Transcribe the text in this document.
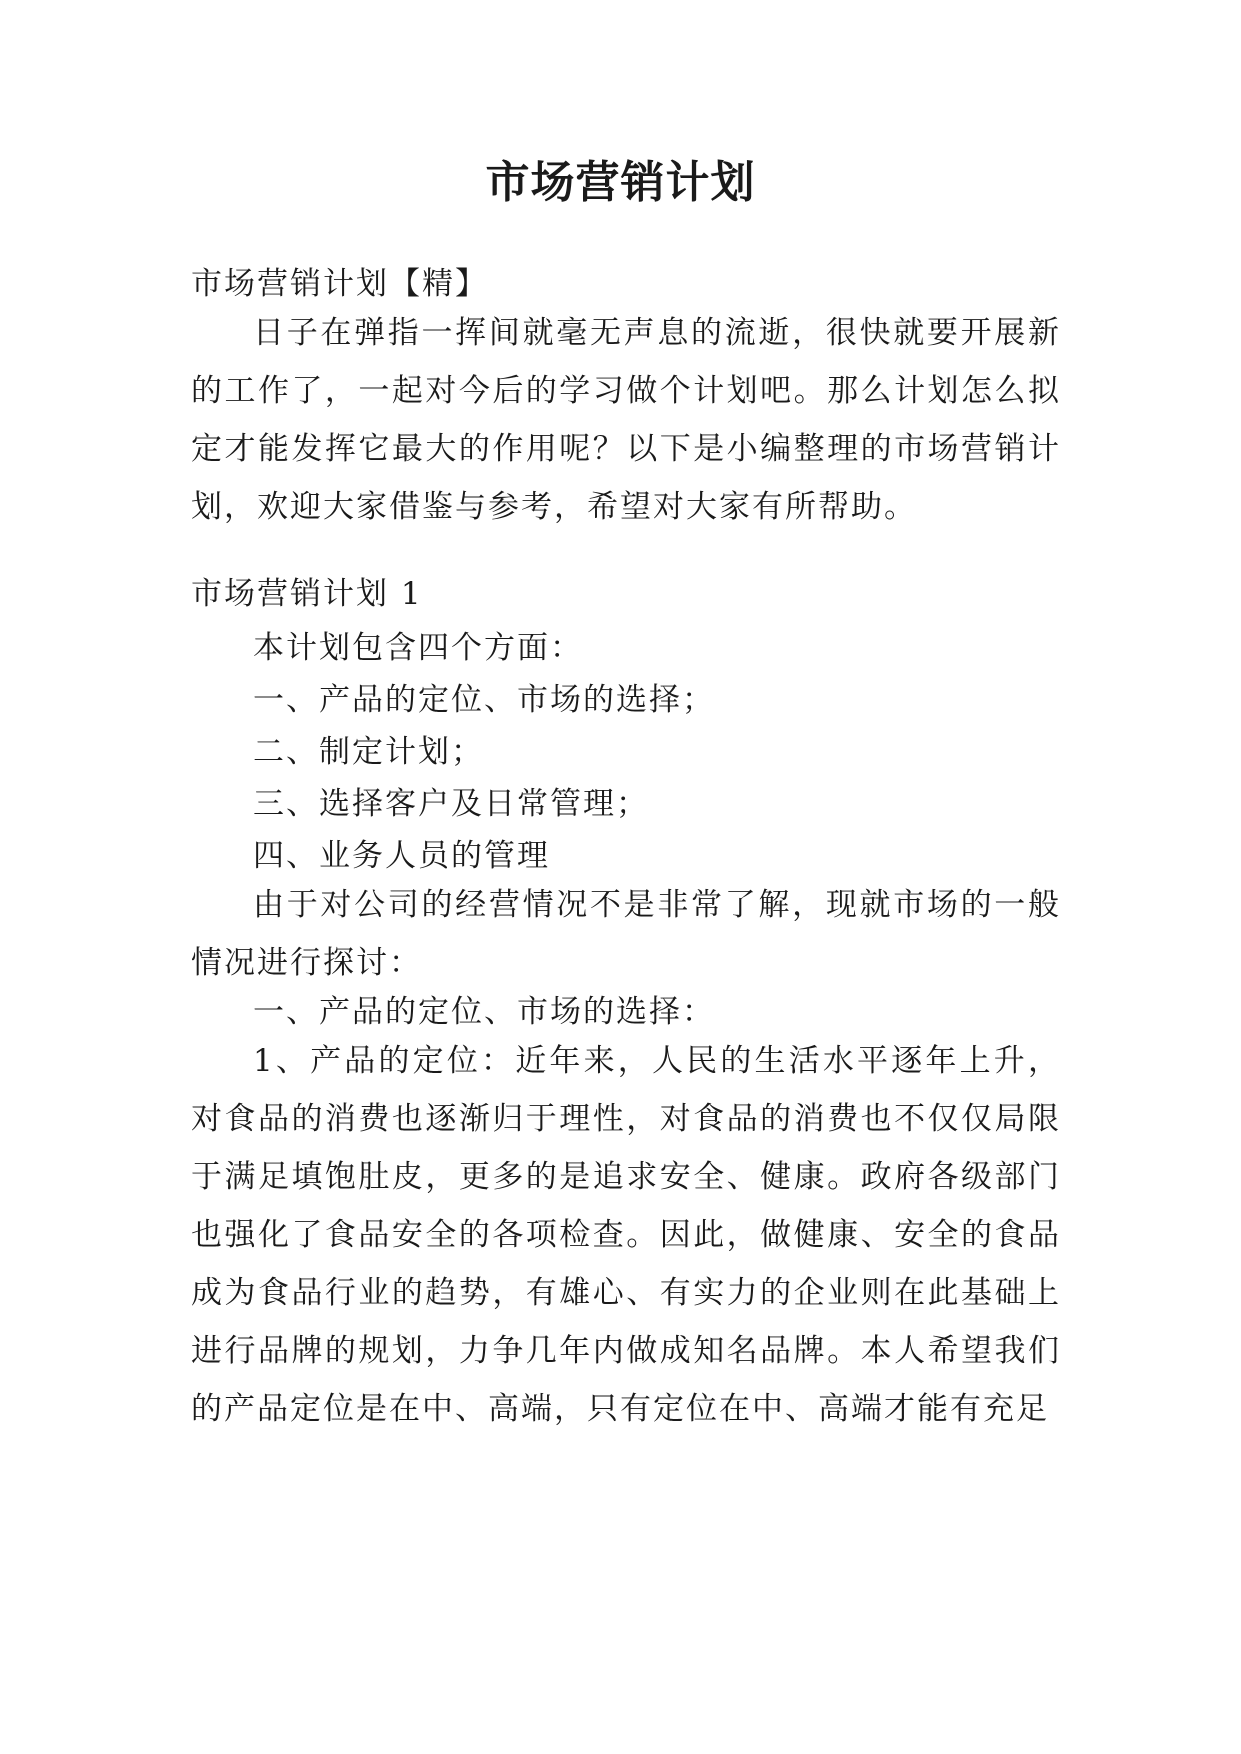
市场营销计划
市场营销计划【精】
日子在弹指一挥间就毫无声息的流逝，很快就要开展新的工作了，一起对今后的学习做个计划吧。那么计划怎么拟定才能发挥它最大的作用呢？以下是小编整理的市场营销计划，欢迎大家借鉴与参考，希望对大家有所帮助。
市场营销计划 1
本计划包含四个方面：
一、产品的定位、市场的选择；
二、制定计划；
三、选择客户及日常管理；
四、业务人员的管理
由于对公司的经营情况不是非常了解，现就市场的一般情况进行探讨：
一、产品的定位、市场的选择：
1、产品的定位：近年来，人民的生活水平逐年上升，对食品的消费也逐渐归于理性，对食品的消费也不仅仅局限于满足填饱肚皮，更多的是追求安全、健康。政府各级部门也强化了食品安全的各项检查。因此，做健康、安全的食品成为食品行业的趋势，有雄心、有实力的企业则在此基础上进行品牌的规划，力争几年内做成知名品牌。本人希望我们的产品定位是在中、高端，只有定位在中、高端才能有充足
